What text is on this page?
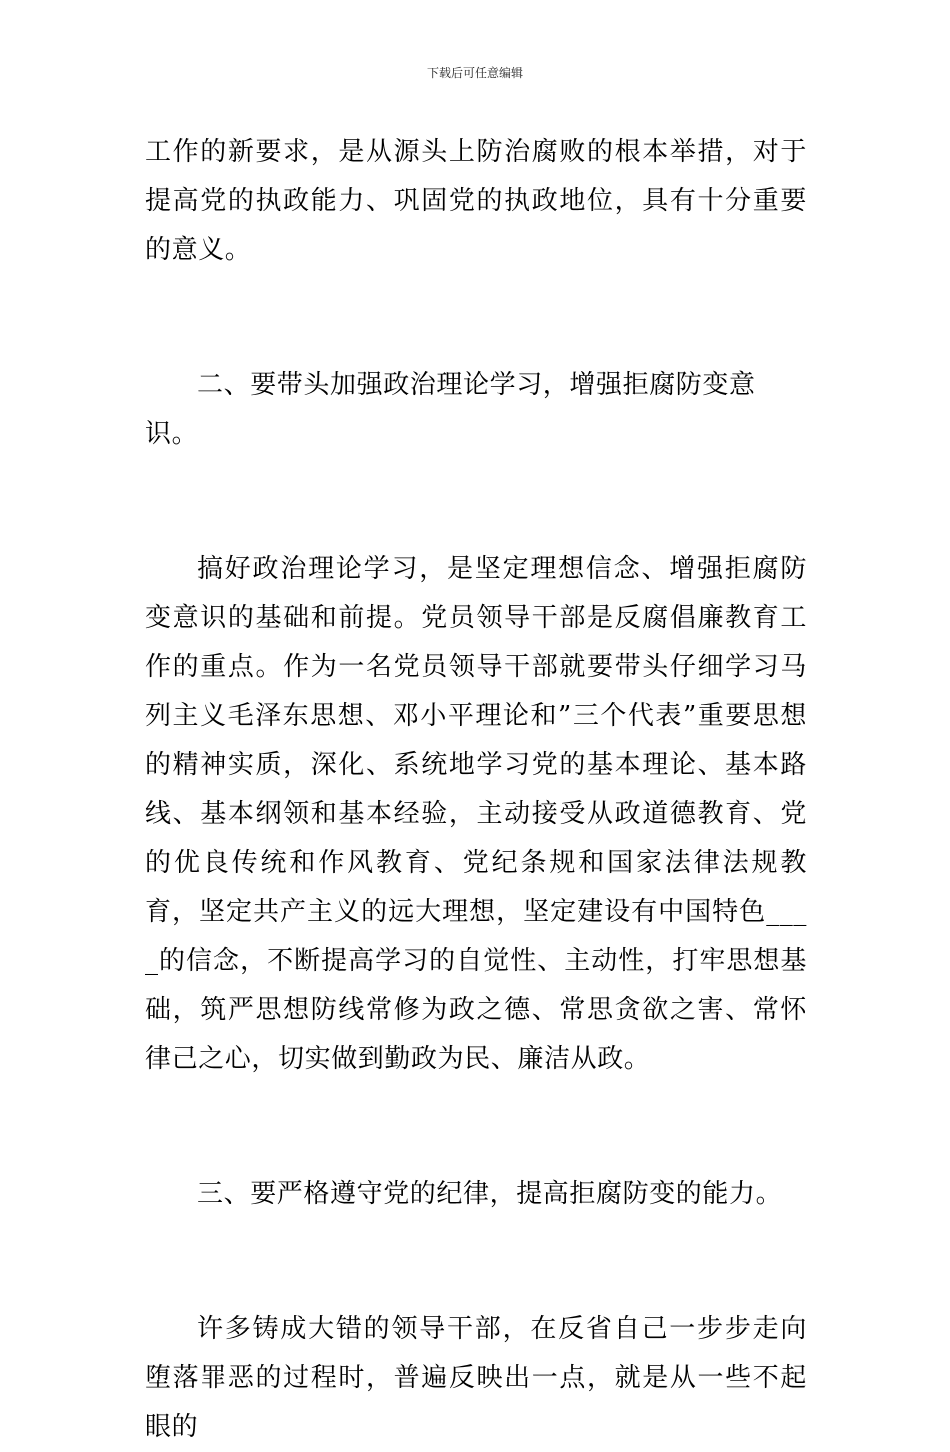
下载后可任意编辑

工作的新要求，是从源头上防治腐败的根本举措，对于提高党的执政能力、巩固党的执政地位，具有十分重要的意义。

二、要带头加强政治理论学习，增强拒腐防变意识。

搞好政治理论学习，是坚定理想信念、增强拒腐防变意识的基础和前提。党员领导干部是反腐倡廉教育工作的重点。作为一名党员领导干部就要带头仔细学习马列主义毛泽东思想、邓小平理论和”三个代表”重要思想的精神实质，深化、系统地学习党的基本理论、基本路线、基本纲领和基本经验，主动接受从政道德教育、党的优良传统和作风教育、党纪条规和国家法律法规教育，坚定共产主义的远大理想，坚定建设有中国特色____的信念，不断提高学习的自觉性、主动性，打牢思想基础，筑严思想防线常修为政之德、常思贪欲之害、常怀律己之心，切实做到勤政为民、廉洁从政。

三、要严格遵守党的纪律，提高拒腐防变的能力。

许多铸成大错的领导干部，在反省自己一步步走向堕落罪恶的过程时，普遍反映出一点，就是从一些不起眼的
